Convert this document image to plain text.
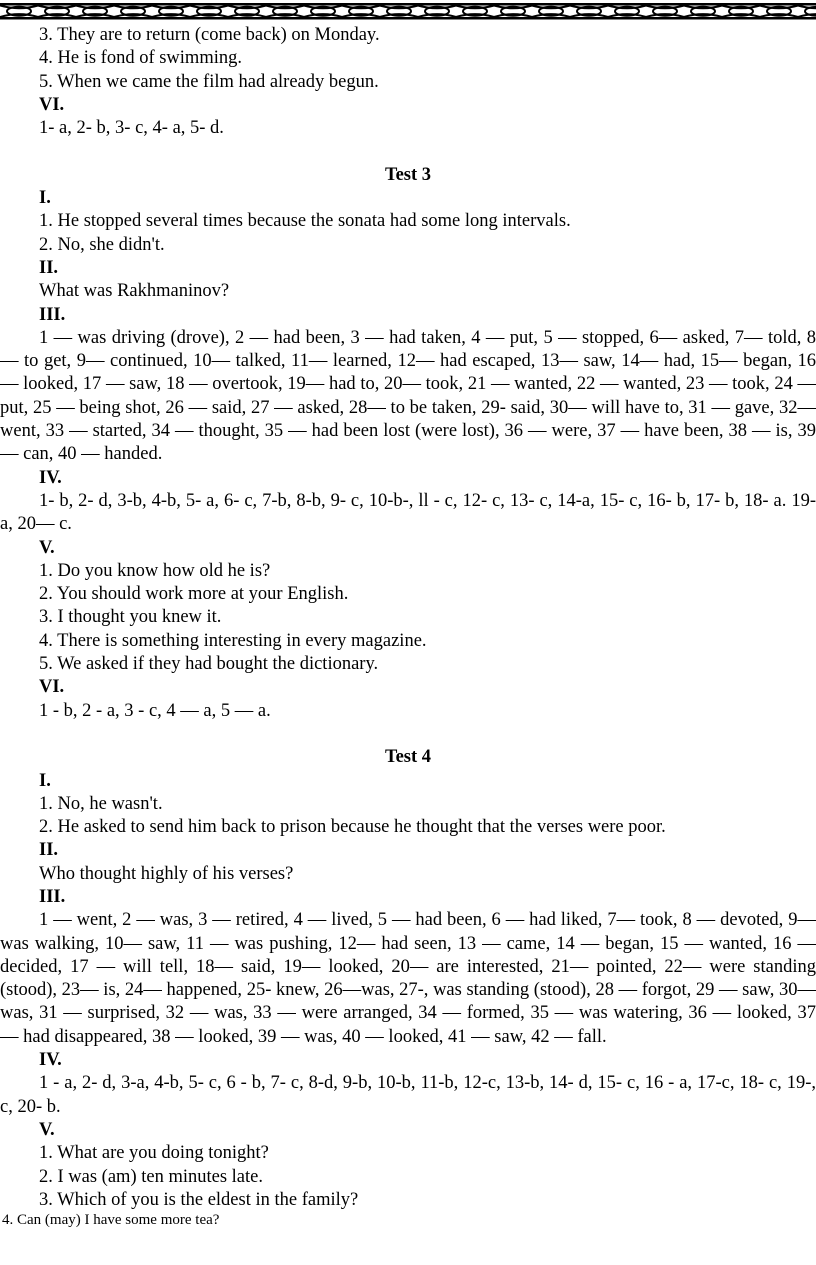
3. They are to return (come back) on Monday.
4. He is fond of swimming.
5. When we came the film had already begun.
VI.
1- a, 2- b, 3- c, 4- a, 5- d.
Test 3
I.
1. He stopped several times because the sonata had some long intervals.
2. No, she didn't.
II.
What was Rakhmaninov?
III.

1 — was driving (drove), 2 — had been, 3 — had taken, 4 — put, 5 — stopped, 6— asked, 7— told, 8 — to get, 9— continued, 10— talked, 11— learned, 12— had escaped, 13— saw, 14— had, 15— began, 16— looked, 17 — saw, 18 — overtook, 19— had to, 20— took, 21 — wanted, 22 — wanted, 23 — took, 24 — put, 25 — being shot, 26 — said, 27 — asked, 28— to be taken, 29- said, 30— will have to, 31 — gave, 32— went, 33 — started, 34 — thought, 35 — had been lost (were lost), 36 — were, 37 — have been, 38 — is, 39 — can, 40 — handed.

IV.

1- b, 2- d, 3-b, 4-b, 5- a, 6- c, 7-b, 8-b, 9- c, 10-b-, ll - c, 12- c, 13- c, 14-a, 15- c, 16- b, 17- b, 18- a. 19-a, 20— c.

V.
1. Do you know how old he is?
2. You should work more at your English.
3. I thought you knew it.
4. There is something interesting in every magazine.
5. We asked if they had bought the dictionary.
VI.
1 - b, 2 - a, 3 - c, 4 — a, 5 — a.
Test 4
I.
1. No, he wasn't.
2. He asked to send him back to prison because he thought that the verses were poor.
II.
Who thought highly of his verses?
III.

1 — went, 2 — was, 3 — retired, 4 — lived, 5 — had been, 6 — had liked, 7— took, 8 — devoted, 9— was walking, 10— saw, 11 — was pushing, 12— had seen, 13 — came, 14 — began, 15 — wanted, 16 — decided, 17 — will tell, 18— said, 19— looked, 20— are interested, 21— pointed, 22— were standing (stood), 23— is, 24— happened, 25- knew, 26—was, 27-, was standing (stood), 28 — forgot, 29 — saw, 30— was, 31 — surprised, 32 — was, 33 — were arranged, 34 — formed, 35 — was watering, 36 — looked, 37 — had disappeared, 38 — looked, 39 — was, 40 — looked, 41 — saw, 42 — fall.

IV.

1 - a, 2- d, 3-a, 4-b, 5- c, 6 - b, 7- c, 8-d, 9-b, 10-b, 11-b, 12-c, 13-b, 14- d, 15- c, 16 - a, 17-c, 18- c, 19-, c, 20- b.

V.
1. What are you doing tonight?
2. I was (am) ten minutes late.
3. Which of you is the eldest in the family?
4. Can (may) I have some more tea?
